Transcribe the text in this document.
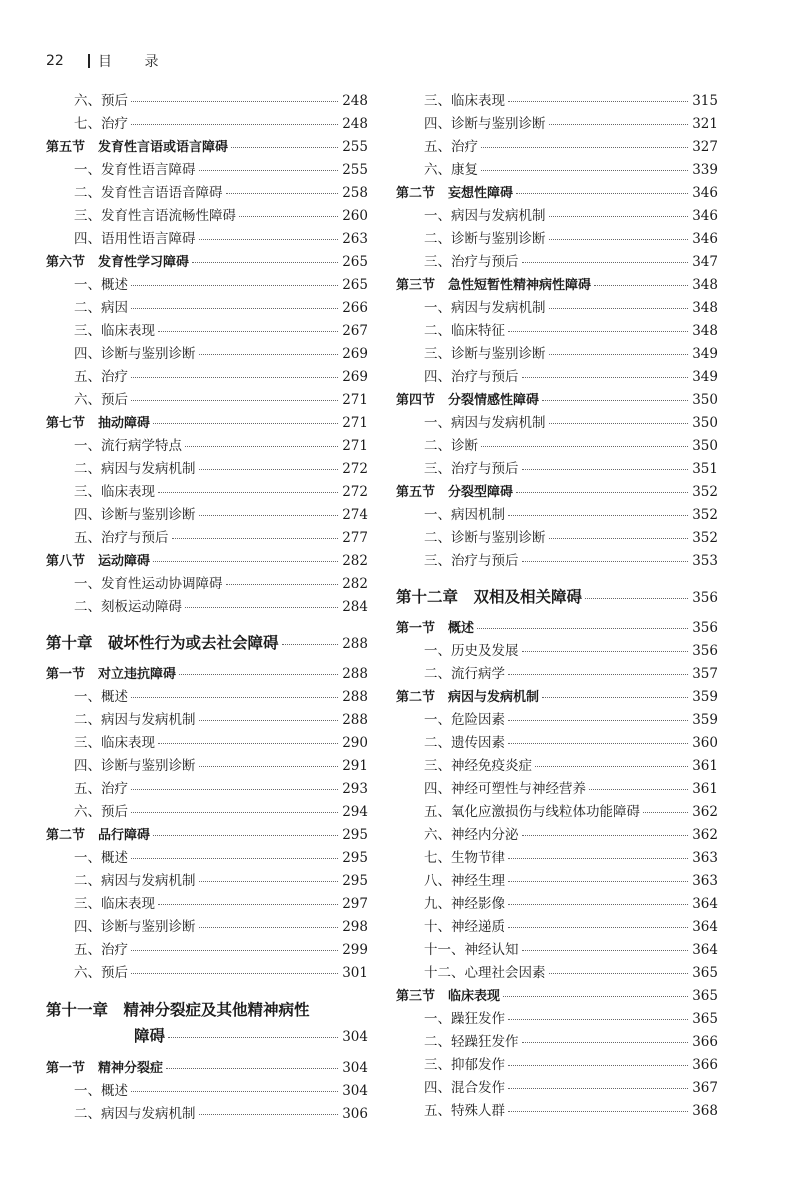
22	目 录
六、预后	248
七、治疗	248
第五节　发育性言语或语言障碍	255
一、发育性语言障碍	255
二、发育性言语语音障碍	258
三、发育性言语流畅性障碍	260
四、语用性语言障碍	263
第六节　发育性学习障碍	265
一、概述	265
二、病因	266
三、临床表现	267
四、诊断与鉴别诊断	269
五、治疗	269
六、预后	271
第七节　抽动障碍	271
一、流行病学特点	271
二、病因与发病机制	272
三、临床表现	272
四、诊断与鉴别诊断	274
五、治疗与预后	277
第八节　运动障碍	282
一、发育性运动协调障碍	282
二、刻板运动障碍	284
第十章　破坏性行为或去社会障碍	288
第一节　对立违抗障碍	288
一、概述	288
二、病因与发病机制	288
三、临床表现	290
四、诊断与鉴别诊断	291
五、治疗	293
六、预后	294
第二节　品行障碍	295
一、概述	295
二、病因与发病机制	295
三、临床表现	297
四、诊断与鉴别诊断	298
五、治疗	299
六、预后	301
第十一章　精神分裂症及其他精神病性
障碍	304
第一节　精神分裂症	304
一、概述	304
二、病因与发病机制	306
三、临床表现	315
四、诊断与鉴别诊断	321
五、治疗	327
六、康复	339
第二节　妄想性障碍	346
一、病因与发病机制	346
二、诊断与鉴别诊断	346
三、治疗与预后	347
第三节　急性短暂性精神病性障碍	348
一、病因与发病机制	348
二、临床特征	348
三、诊断与鉴别诊断	349
四、治疗与预后	349
第四节　分裂情感性障碍	350
一、病因与发病机制	350
二、诊断	350
三、治疗与预后	351
第五节　分裂型障碍	352
一、病因机制	352
二、诊断与鉴别诊断	352
三、治疗与预后	353
第十二章　双相及相关障碍	356
第一节　概述	356
一、历史及发展	356
二、流行病学	357
第二节　病因与发病机制	359
一、危险因素	359
二、遗传因素	360
三、神经免疫炎症	361
四、神经可塑性与神经营养	361
五、氧化应激损伤与线粒体功能障碍	362
六、神经内分泌	362
七、生物节律	363
八、神经生理	363
九、神经影像	364
十、神经递质	364
十一、神经认知	364
十二、心理社会因素	365
第三节　临床表现	365
一、躁狂发作	365
二、轻躁狂发作	366
三、抑郁发作	366
四、混合发作	367
五、特殊人群	368
